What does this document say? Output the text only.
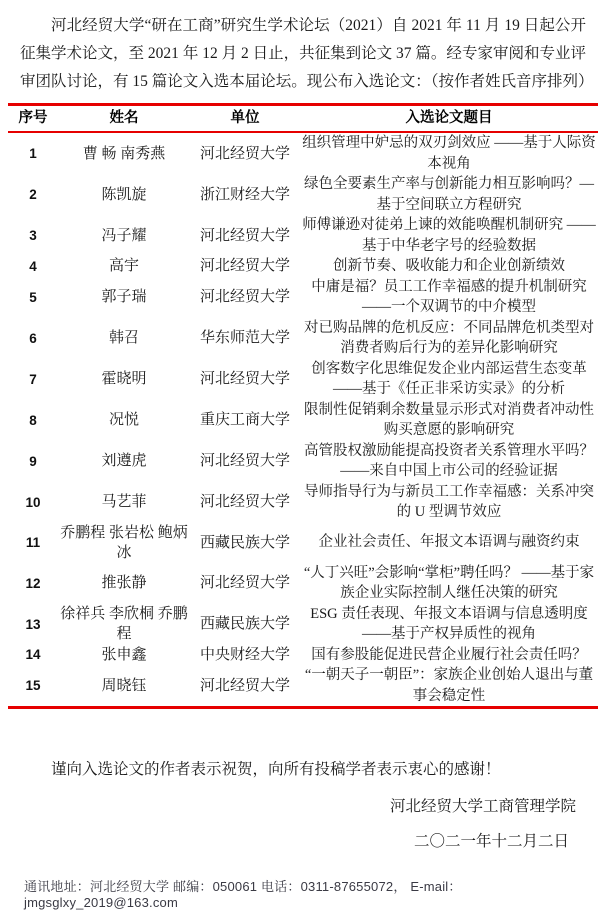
河北经贸大学“研在工商”研究生学术论坛（2021）自 2021 年 11 月 19 日起公开征集学术论文，至 2021 年 12 月 2 日止，共征集到论文 37 篇。经专家审阅和专业评审团队讨论，有 15 篇论文入选本届论坛。现公布入选论文：（按作者姓氏音序排列）

序号	姓名	单位	入选论文题目
1	曹 畅 南秀燕	河北经贸大学	组织管理中妒忌的双刃剑效应 ——基于人际资本视角
2	陈凯旋	浙江财经大学	绿色全要素生产率与创新能力相互影响吗？—基于空间联立方程研究
3	冯子耀	河北经贸大学	师傅谦逊对徒弟上谏的效能唤醒机制研究 ——基于中华老字号的经验数据
4	高宇	河北经贸大学	创新节奏、吸收能力和企业创新绩效
5	郭子瑞	河北经贸大学	中庸是福？员工工作幸福感的提升机制研究 ——一个双调节的中介模型
6	韩召	华东师范大学	对已购品牌的危机反应：不同品牌危机类型对消费者购后行为的差异化影响研究
7	霍晓明	河北经贸大学	创客数字化思维促发企业内部运营生态变革 ——基于《任正非采访实录》的分析
8	况悦	重庆工商大学	限制性促销剩余数量显示形式对消费者冲动性购买意愿的影响研究
9	刘遵虎	河北经贸大学	高管股权激励能提高投资者关系管理水平吗？——来自中国上市公司的经验证据
10	马艺菲	河北经贸大学	导师指导行为与新员工工作幸福感：关系冲突的 U 型调节效应
11	乔鹏程 张岩松 鲍炳冰	西藏民族大学	企业社会责任、年报文本语调与融资约束
12	推张静	河北经贸大学	“人丁兴旺”会影响“掌柜”聘任吗？ ——基于家族企业实际控制人继任决策的研究
13	徐祥兵 李欣桐 乔鹏程	西藏民族大学	ESG 责任表现、年报文本语调与信息透明度 ——基于产权异质性的视角
14	张申鑫	中央财经大学	国有参股能促进民营企业履行社会责任吗？
15	周晓钰	河北经贸大学	“一朝天子一朝臣”：家族企业创始人退出与董事会稳定性

谨向入选论文的作者表示祝贺，向所有投稿学者表示衷心的感谢！

河北经贸大学工商管理学院

二〇二一年十二月二日

通讯地址：河北经贸大学 邮编：050061 电话：0311-87655072， E-mail：jmgsglxy_2019@163.com
